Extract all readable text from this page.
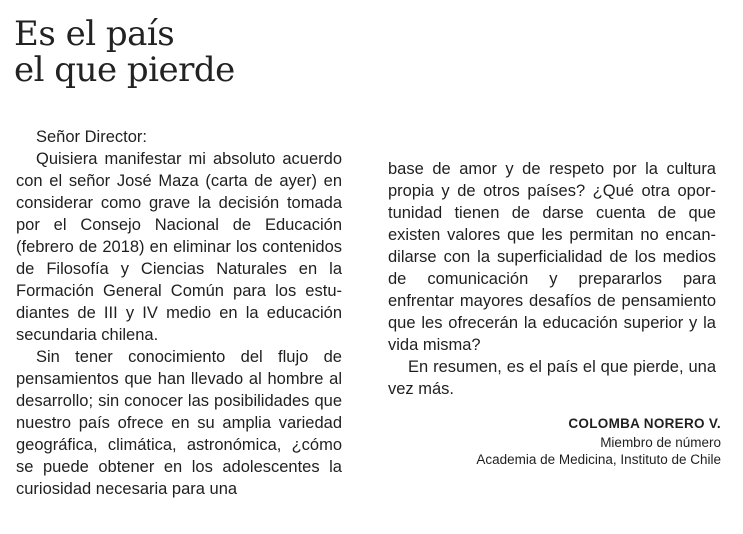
Es el país
el que pierde

Señor Director:

Quisiera manifestar mi absoluto acuerdo con el señor José Maza (carta de ayer) en considerar como grave la decisión tomada por el Consejo Nacional de Educación (febrero de 2018) en eliminar los contenidos de Filosofía y Ciencias Naturales en la Formación General Común para los estudiantes de III y IV medio en la educación secundaria chilena.

Sin tener conocimiento del flujo de pensamientos que han llevado al hombre al desarrollo; sin conocer las posibilidades que nuestro país ofrece en su amplia variedad geográfica, climática, astronómica, ¿cómo se puede obtener en los adolescentes la curiosidad necesaria para una

base de amor y de respeto por la cultura propia y de otros países? ¿Qué otra oportunidad tienen de darse cuenta de que existen valores que les permitan no encandilarse con la superficialidad de los medios de comunicación y prepararlos para enfrentar mayores desafíos de pensamiento que les ofrecerán la educación superior y la vida misma?

En resumen, es el país el que pierde, una vez más.

COLOMBA NORERO V.
Miembro de número
Academia de Medicina, Instituto de Chile
